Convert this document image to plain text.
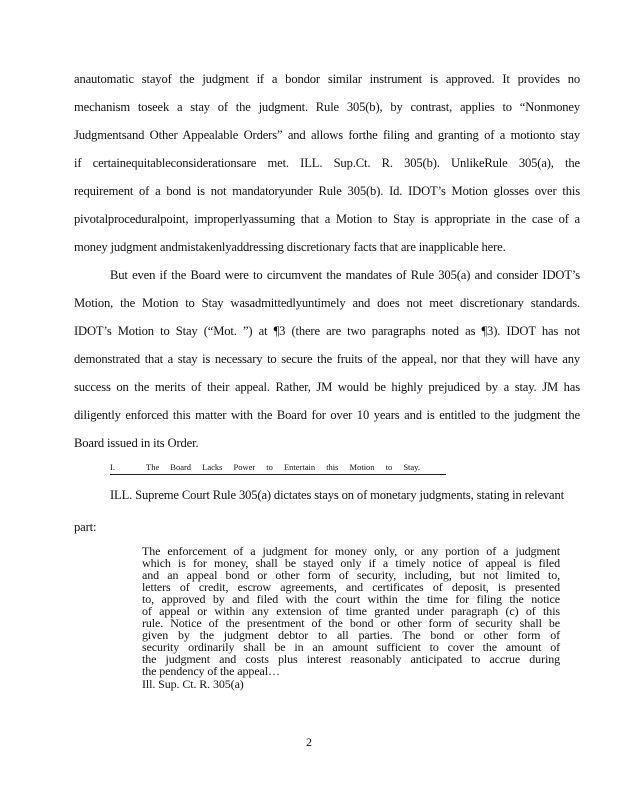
anautomatic stayof the judgment if a bondor similar instrument is approved. It provides no
mechanism toseek a stay of the judgment. Rule 305(b), by contrast, applies to “Nonmoney
Judgmentsand Other Appealable Orders” and allows forthe filing and granting of a motionto stay
if certainequitableconsiderationsare met. ILL. Sup.Ct. R. 305(b). UnlikeRule 305(a), the
requirement of a bond is not mandatoryunder Rule 305(b). Id. IDOT’s Motion glosses over this
pivotalproceduralpoint, improperlyassuming that a Motion to Stay is appropriate in the case of a
money judgment andmistakenlyaddressing discretionary facts that are inapplicable here.
But even if the Board were to circumvent the mandates of Rule 305(a) and consider IDOT’s
Motion, the Motion to Stay wasadmittedlyuntimely and does not meet discretionary standards.
IDOT’s Motion to Stay (“Mot. ”) at ¶3 (there are two paragraphs noted as ¶3). IDOT has not
demonstrated that a stay is necessary to secure the fruits of the appeal, nor that they will have any
success on the merits of their appeal. Rather, JM would be highly prejudiced by a stay. JM has
diligently enforced this matter with the Board for over 10 years and is entitled to the judgment the
Board issued in its Order.
I.	The Board Lacks Power to Entertain this Motion to Stay.
ILL. Supreme Court Rule 305(a) dictates stays on of monetary judgments, stating in relevant
part:
The enforcement of a judgment for money only, or any portion of a judgment
which is for money, shall be stayed only if a timely notice of appeal is filed
and an appeal bond or other form of security, including, but not limited to,
letters of credit, escrow agreements, and certificates of deposit, is presented
to, approved by and filed with the court within the time for filing the notice
of appeal or within any extension of time granted under paragraph (c) of this
rule. Notice of the presentment of the bond or other form of security shall be
given by the judgment debtor to all parties. The bond or other form of
security ordinarily shall be in an amount sufficient to cover the amount of
the judgment and costs plus interest reasonably anticipated to accrue during
the pendency of the appeal…
Ill. Sup. Ct. R. 305(a)
2
